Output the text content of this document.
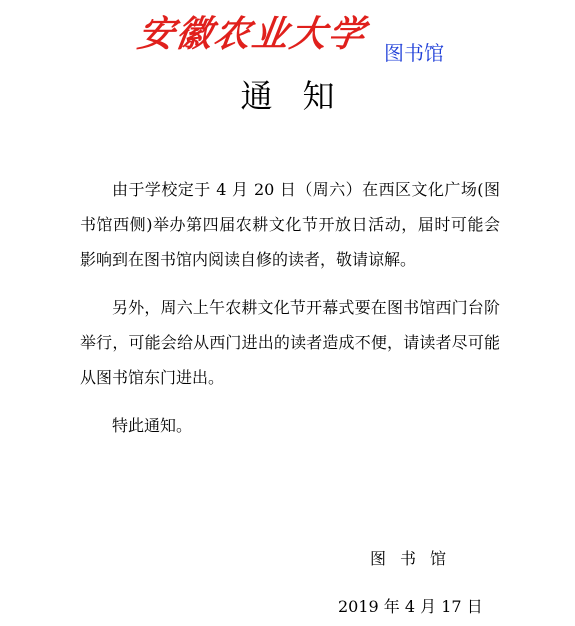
安徽农业大学 图书馆
通知

由于学校定于 4 月 20 日（周六）在西区文化广场(图书馆西侧)举办第四届农耕文化节开放日活动，届时可能会影响到在图书馆内阅读自修的读者，敬请谅解。

另外，周六上午农耕文化节开幕式要在图书馆西门台阶举行，可能会给从西门进出的读者造成不便，请读者尽可能从图书馆东门进出。

特此通知。

图书馆
2019 年 4 月 17 日
